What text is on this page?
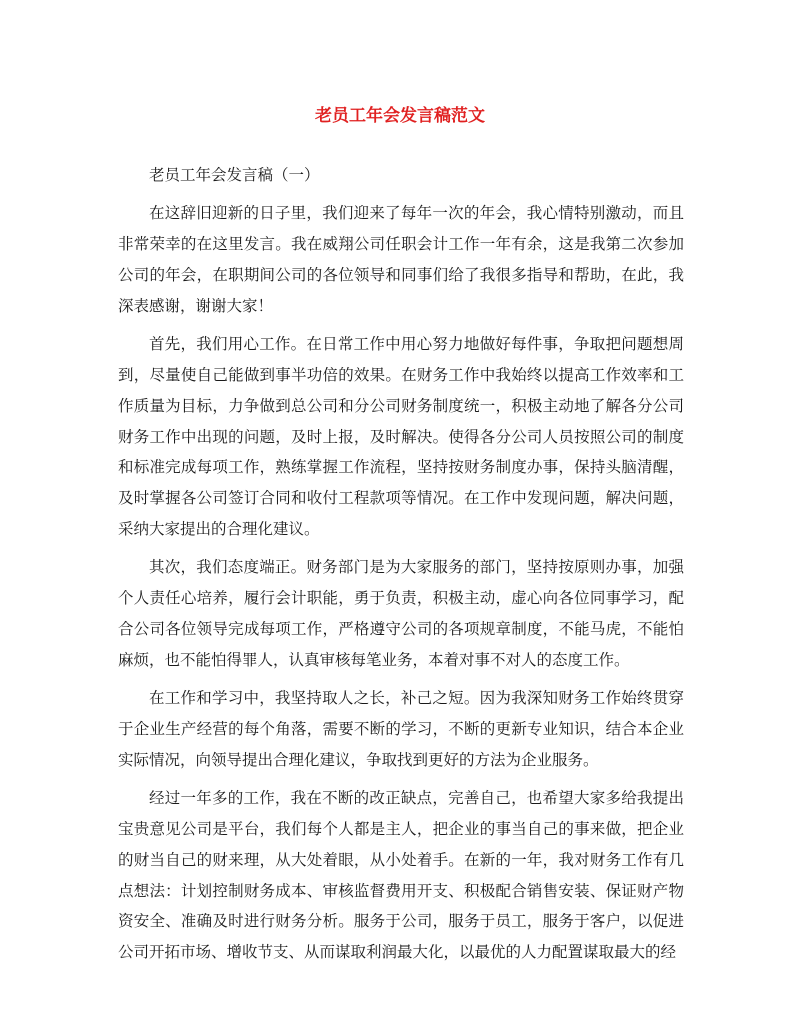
老员工年会发言稿范文

老员工年会发言稿（一）

在这辞旧迎新的日子里，我们迎来了每年一次的年会，我心情特别激动，而且非常荣幸的在这里发言。我在威翔公司任职会计工作一年有余，这是我第二次参加公司的年会，在职期间公司的各位领导和同事们给了我很多指导和帮助，在此，我深表感谢，谢谢大家！

首先，我们用心工作。在日常工作中用心努力地做好每件事，争取把问题想周到，尽量使自己能做到事半功倍的效果。在财务工作中我始终以提高工作效率和工作质量为目标，力争做到总公司和分公司财务制度统一，积极主动地了解各分公司财务工作中出现的问题，及时上报，及时解决。使得各分公司人员按照公司的制度和标准完成每项工作，熟练掌握工作流程，坚持按财务制度办事，保持头脑清醒，及时掌握各公司签订合同和收付工程款项等情况。在工作中发现问题，解决问题，采纳大家提出的合理化建议。

其次，我们态度端正。财务部门是为大家服务的部门，坚持按原则办事，加强个人责任心培养，履行会计职能，勇于负责，积极主动，虚心向各位同事学习，配合公司各位领导完成每项工作，严格遵守公司的各项规章制度，不能马虎，不能怕麻烦，也不能怕得罪人，认真审核每笔业务，本着对事不对人的态度工作。

在工作和学习中，我坚持取人之长，补己之短。因为我深知财务工作始终贯穿于企业生产经营的每个角落，需要不断的学习，不断的更新专业知识，结合本企业实际情况，向领导提出合理化建议，争取找到更好的方法为企业服务。

经过一年多的工作，我在不断的改正缺点，完善自己，也希望大家多给我提出宝贵意见公司是平台，我们每个人都是主人，把企业的事当自己的事来做，把企业的财当自己的财来理，从大处着眼，从小处着手。在新的一年，我对财务工作有几点想法：计划控制财务成本、审核监督费用开支、积极配合销售安装、保证财产物资安全、准确及时进行财务分析。服务于公司，服务于员工，服务于客户，以促进公司开拓市场、增收节支、从而谋取利润最大化，以最优的人力配置谋取最大的经
